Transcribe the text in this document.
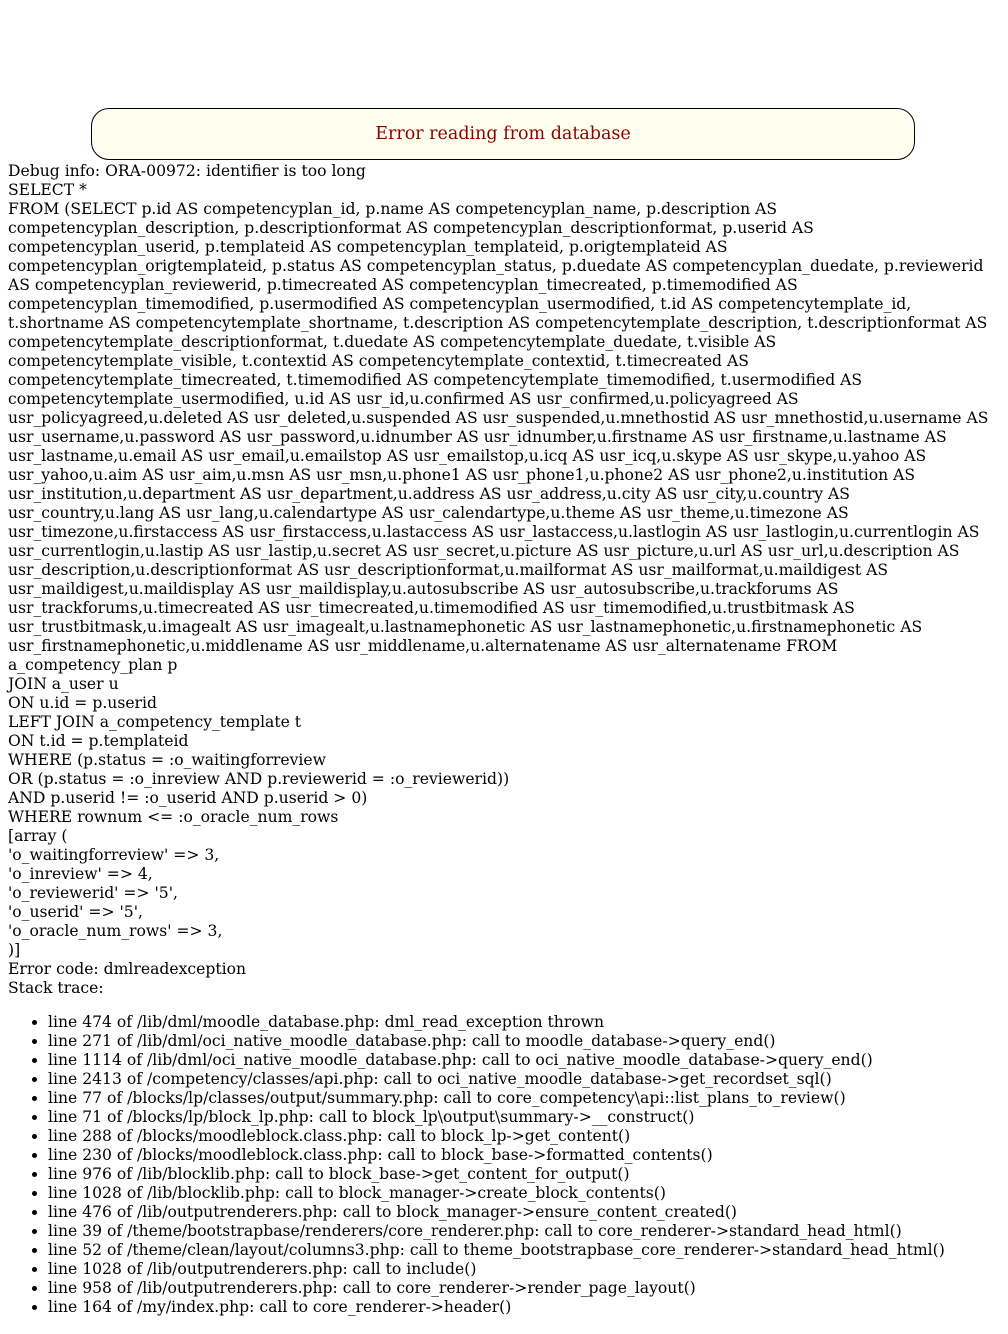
Error reading from database
Debug info: ORA-00972: identifier is too long
SELECT *
FROM (SELECT p.id AS competencyplan_id, p.name AS competencyplan_name, p.description AS
competencyplan_description, p.descriptionformat AS competencyplan_descriptionformat, p.userid AS
competencyplan_userid, p.templateid AS competencyplan_templateid, p.origtemplateid AS
competencyplan_origtemplateid, p.status AS competencyplan_status, p.duedate AS competencyplan_duedate, p.reviewerid
AS competencyplan_reviewerid, p.timecreated AS competencyplan_timecreated, p.timemodified AS
competencyplan_timemodified, p.usermodified AS competencyplan_usermodified, t.id AS competencytemplate_id,
t.shortname AS competencytemplate_shortname, t.description AS competencytemplate_description, t.descriptionformat AS
competencytemplate_descriptionformat, t.duedate AS competencytemplate_duedate, t.visible AS
competencytemplate_visible, t.contextid AS competencytemplate_contextid, t.timecreated AS
competencytemplate_timecreated, t.timemodified AS competencytemplate_timemodified, t.usermodified AS
competencytemplate_usermodified, u.id AS usr_id,u.confirmed AS usr_confirmed,u.policyagreed AS
usr_policyagreed,u.deleted AS usr_deleted,u.suspended AS usr_suspended,u.mnethostid AS usr_mnethostid,u.username AS
usr_username,u.password AS usr_password,u.idnumber AS usr_idnumber,u.firstname AS usr_firstname,u.lastname AS
usr_lastname,u.email AS usr_email,u.emailstop AS usr_emailstop,u.icq AS usr_icq,u.skype AS usr_skype,u.yahoo AS
usr_yahoo,u.aim AS usr_aim,u.msn AS usr_msn,u.phone1 AS usr_phone1,u.phone2 AS usr_phone2,u.institution AS
usr_institution,u.department AS usr_department,u.address AS usr_address,u.city AS usr_city,u.country AS
usr_country,u.lang AS usr_lang,u.calendartype AS usr_calendartype,u.theme AS usr_theme,u.timezone AS
usr_timezone,u.firstaccess AS usr_firstaccess,u.lastaccess AS usr_lastaccess,u.lastlogin AS usr_lastlogin,u.currentlogin AS
usr_currentlogin,u.lastip AS usr_lastip,u.secret AS usr_secret,u.picture AS usr_picture,u.url AS usr_url,u.description AS
usr_description,u.descriptionformat AS usr_descriptionformat,u.mailformat AS usr_mailformat,u.maildigest AS
usr_maildigest,u.maildisplay AS usr_maildisplay,u.autosubscribe AS usr_autosubscribe,u.trackforums AS
usr_trackforums,u.timecreated AS usr_timecreated,u.timemodified AS usr_timemodified,u.trustbitmask AS
usr_trustbitmask,u.imagealt AS usr_imagealt,u.lastnamephonetic AS usr_lastnamephonetic,u.firstnamephonetic AS
usr_firstnamephonetic,u.middlename AS usr_middlename,u.alternatename AS usr_alternatename FROM
a_competency_plan p
JOIN a_user u
ON u.id = p.userid
LEFT JOIN a_competency_template t
ON t.id = p.templateid
WHERE (p.status = :o_waitingforreview
OR (p.status = :o_inreview AND p.reviewerid = :o_reviewerid))
AND p.userid != :o_userid AND p.userid > 0)
WHERE rownum <= :o_oracle_num_rows
[array (
'o_waitingforreview' => 3,
'o_inreview' => 4,
'o_reviewerid' => '5',
'o_userid' => '5',
'o_oracle_num_rows' => 3,
)]
Error code: dmlreadexception
Stack trace:
• line 474 of /lib/dml/moodle_database.php: dml_read_exception thrown
• line 271 of /lib/dml/oci_native_moodle_database.php: call to moodle_database->query_end()
• line 1114 of /lib/dml/oci_native_moodle_database.php: call to oci_native_moodle_database->query_end()
• line 2413 of /competency/classes/api.php: call to oci_native_moodle_database->get_recordset_sql()
• line 77 of /blocks/lp/classes/output/summary.php: call to core_competency\api::list_plans_to_review()
• line 71 of /blocks/lp/block_lp.php: call to block_lp\output\summary->__construct()
• line 288 of /blocks/moodleblock.class.php: call to block_lp->get_content()
• line 230 of /blocks/moodleblock.class.php: call to block_base->formatted_contents()
• line 976 of /lib/blocklib.php: call to block_base->get_content_for_output()
• line 1028 of /lib/blocklib.php: call to block_manager->create_block_contents()
• line 476 of /lib/outputrenderers.php: call to block_manager->ensure_content_created()
• line 39 of /theme/bootstrapbase/renderers/core_renderer.php: call to core_renderer->standard_head_html()
• line 52 of /theme/clean/layout/columns3.php: call to theme_bootstrapbase_core_renderer->standard_head_html()
• line 1028 of /lib/outputrenderers.php: call to include()
• line 958 of /lib/outputrenderers.php: call to core_renderer->render_page_layout()
• line 164 of /my/index.php: call to core_renderer->header()
